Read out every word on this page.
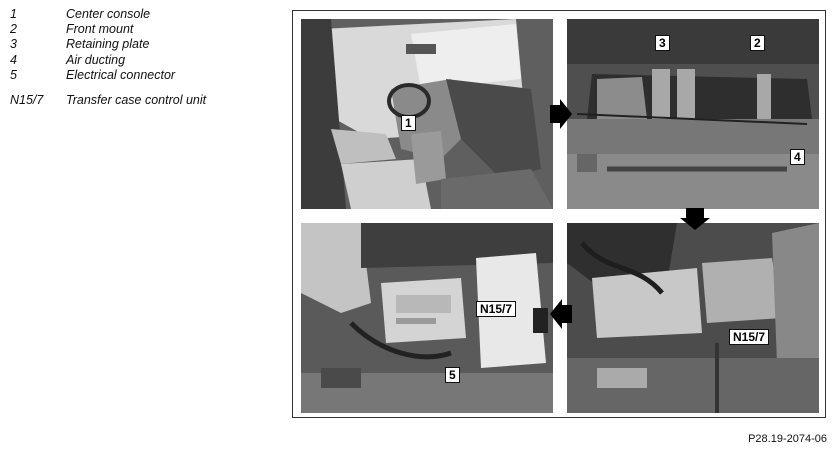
1	Center console
2	Front mount
3	Retaining plate
4	Air ducting
5	Electrical connector
N15/7 Transfer case control unit
1
3	2
4
N15/7
5
N15/7
P28.19-2074-06
